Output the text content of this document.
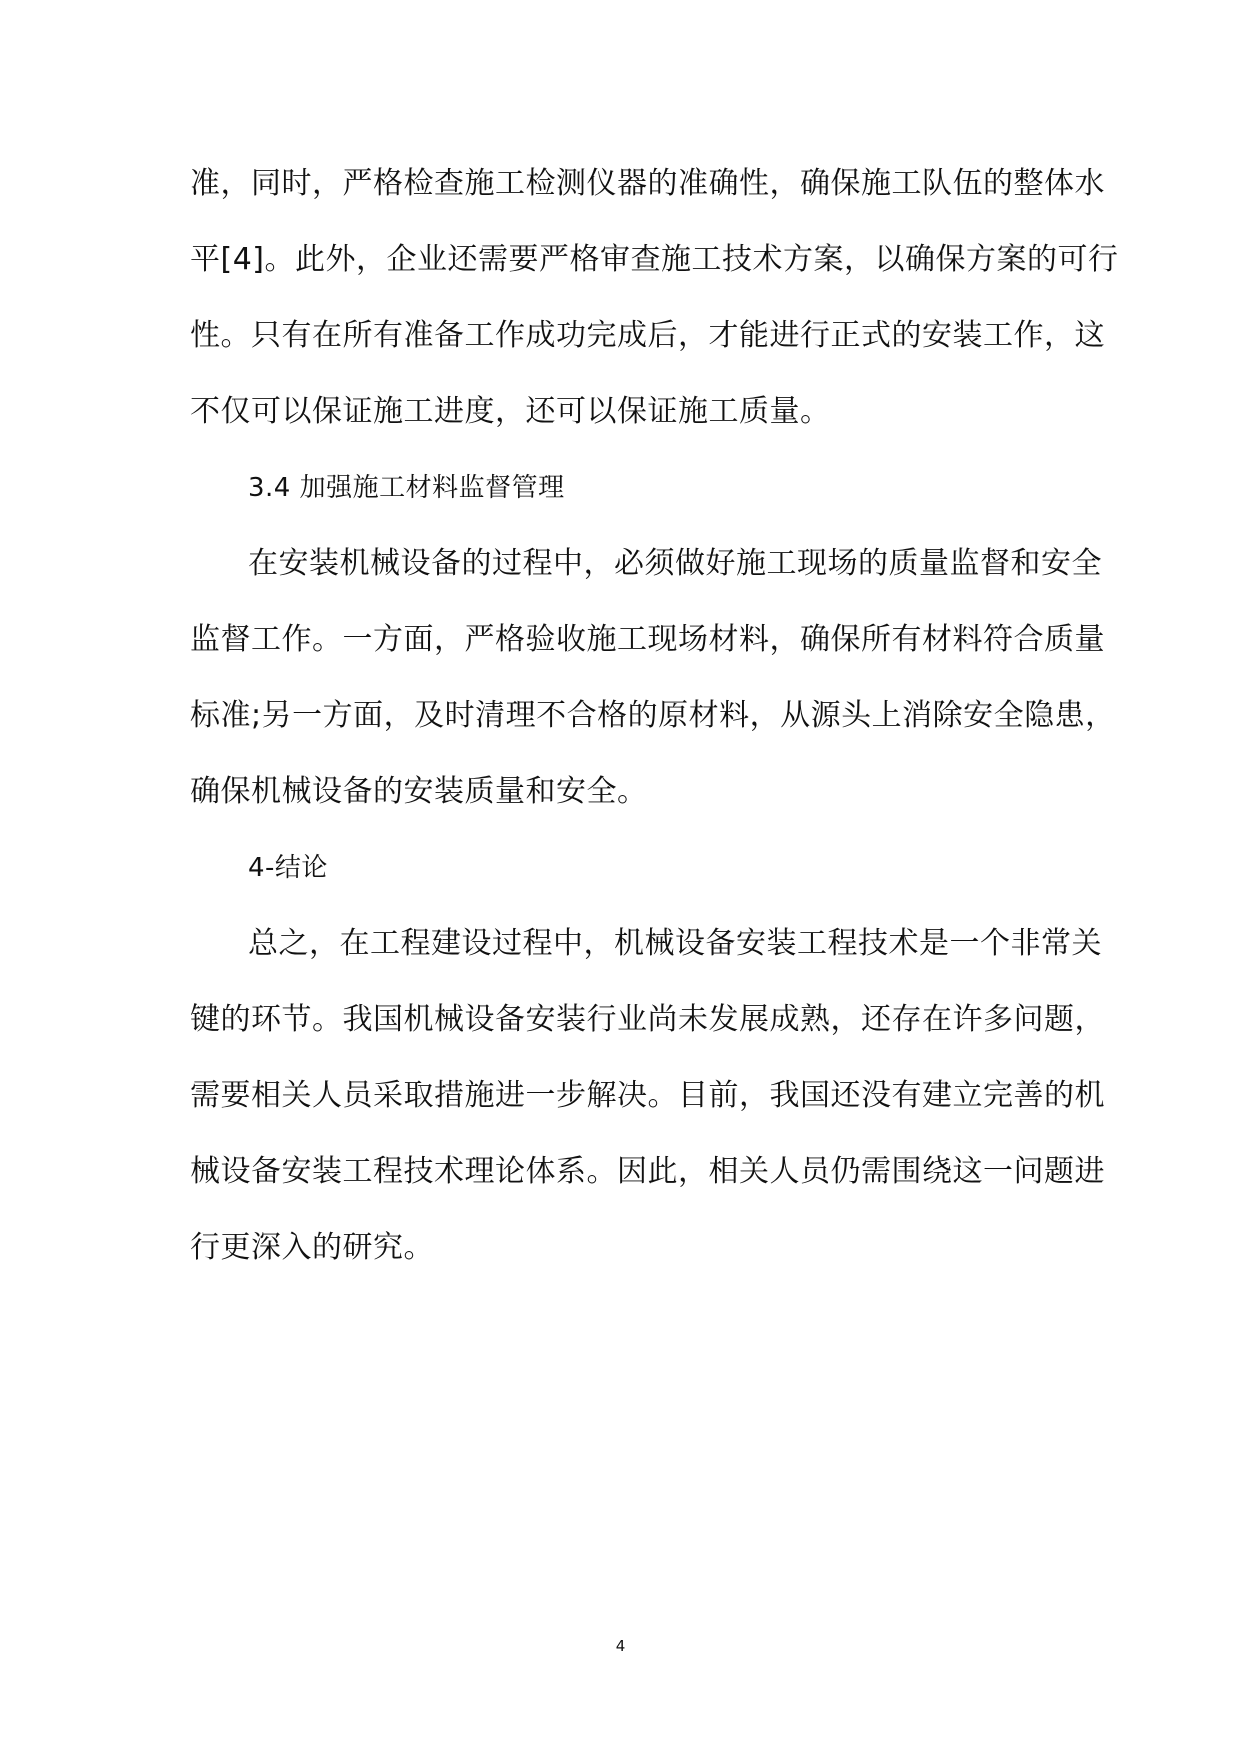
准，同时，严格检查施工检测仪器的准确性，确保施工队伍的整体水
平[4]。此外，企业还需要严格审查施工技术方案，以确保方案的可行
性。只有在所有准备工作成功完成后，才能进行正式的安装工作，这
不仅可以保证施工进度，还可以保证施工质量。
3.4 加强施工材料监督管理
在安装机械设备的过程中，必须做好施工现场的质量监督和安全
监督工作。一方面，严格验收施工现场材料，确保所有材料符合质量
标准;另一方面，及时清理不合格的原材料，从源头上消除安全隐患，
确保机械设备的安装质量和安全。
4-结论
总之，在工程建设过程中，机械设备安装工程技术是一个非常关
键的环节。我国机械设备安装行业尚未发展成熟，还存在许多问题，
需要相关人员采取措施进一步解决。目前，我国还没有建立完善的机
械设备安装工程技术理论体系。因此，相关人员仍需围绕这一问题进
行更深入的研究。
4
